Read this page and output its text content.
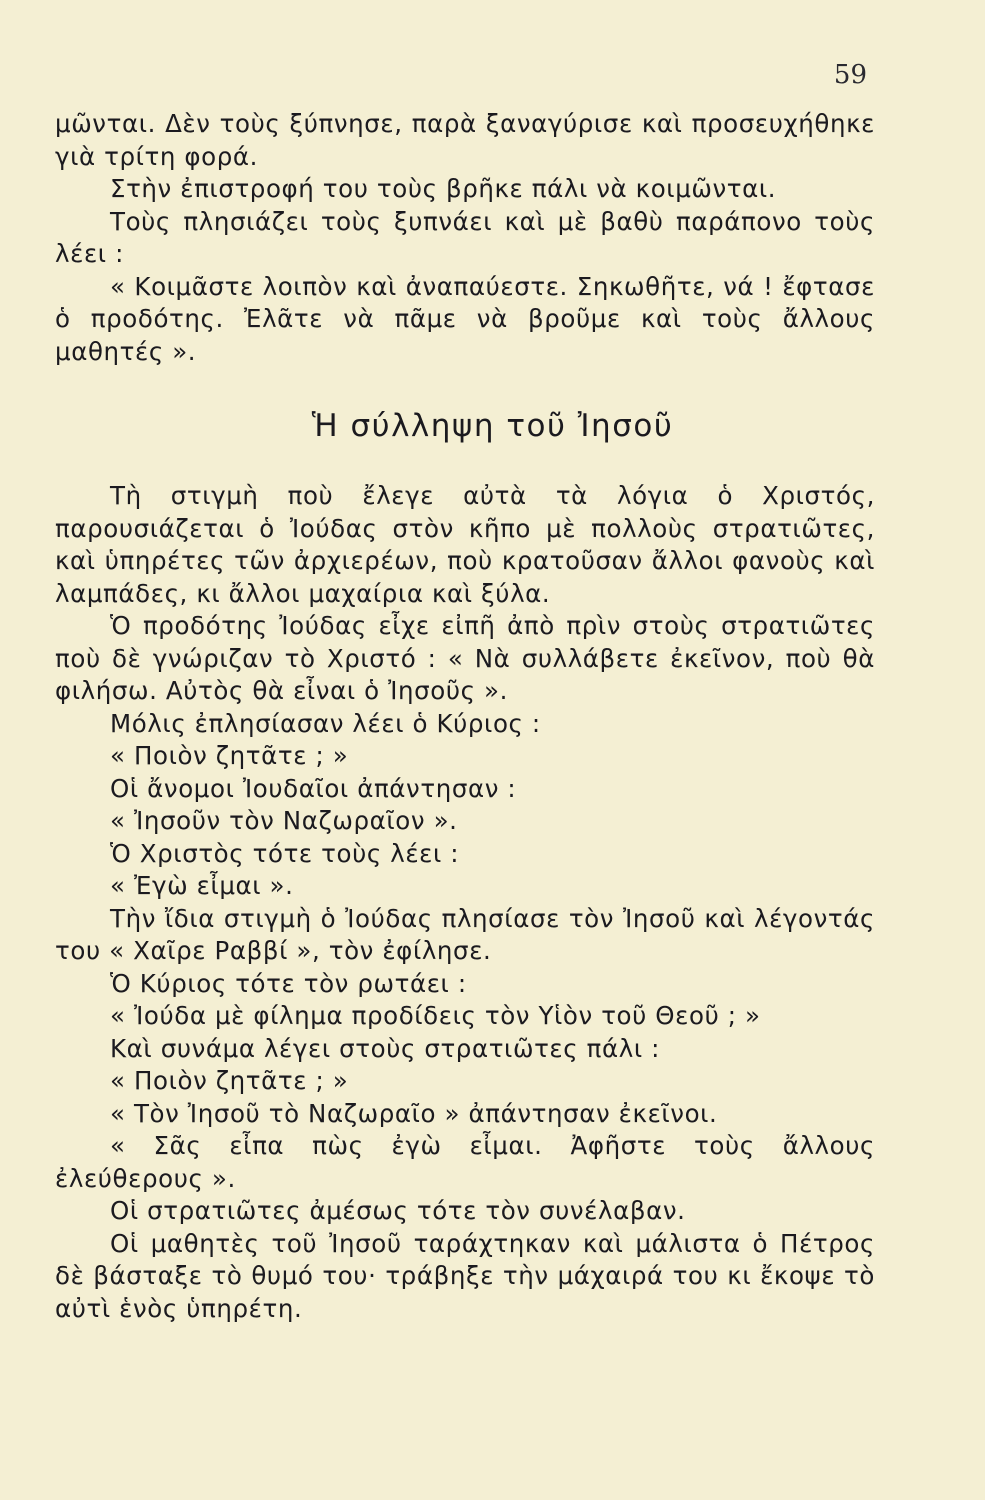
59

μῶνται. Δὲν τοὺς ξύπνησε, παρὰ ξαναγύρισε καὶ προσευχήθηκε γιὰ τρίτη φορά.

Στὴν ἐπιστροφή του τοὺς βρῆκε πάλι νὰ κοιμῶνται.

Τοὺς πλησιάζει τοὺς ξυπνάει καὶ μὲ βαθὺ παράπονο τοὺς λέει :

« Κοιμᾶστε λοιπὸν καὶ ἀναπαύεστε. Σηκωθῆτε, νά ! ἔφτασε ὁ προδότης. Ἐλᾶτε νὰ πᾶμε νὰ βροῦμε καὶ τοὺς ἄλλους μαθητές ».

Ἡ σύλληψη τοῦ Ἰησοῦ

Τὴ στιγμὴ ποὺ ἔλεγε αὐτὰ τὰ λόγια ὁ Χριστός, παρουσιάζεται ὁ Ἰούδας στὸν κῆπο μὲ πολλοὺς στρατιῶτες, καὶ ὑπηρέτες τῶν ἀρχιερέων, ποὺ κρατοῦσαν ἄλλοι φανοὺς καὶ λαμπάδες, κι ἄλλοι μαχαίρια καὶ ξύλα.

Ὁ προδότης Ἰούδας εἶχε εἰπῆ ἀπὸ πρὶν στοὺς στρατιῶτες ποὺ δὲ γνώριζαν τὸ Χριστό : « Νὰ συλλάβετε ἐκεῖνον, ποὺ θὰ φιλήσω. Αὐτὸς θὰ εἶναι ὁ Ἰησοῦς ».

Μόλις ἐπλησίασαν λέει ὁ Κύριος :

« Ποιὸν ζητᾶτε ; »

Οἱ ἄνομοι Ἰουδαῖοι ἀπάντησαν :

« Ἰησοῦν τὸν Ναζωραῖον ».

Ὁ Χριστὸς τότε τοὺς λέει :

« Ἐγὼ εἶμαι ».

Τὴν ἴδια στιγμὴ ὁ Ἰούδας πλησίασε τὸν Ἰησοῦ καὶ λέγοντάς του « Χαῖρε Ραββί », τὸν ἐφίλησε.

Ὁ Κύριος τότε τὸν ρωτάει :

« Ἰούδα μὲ φίλημα προδίδεις τὸν Υἱὸν τοῦ Θεοῦ ; »

Καὶ συνάμα λέγει στοὺς στρατιῶτες πάλι :

« Ποιὸν ζητᾶτε ; »

« Τὸν Ἰησοῦ τὸ Ναζωραῖο » ἀπάντησαν ἐκεῖνοι.

« Σᾶς εἶπα πὼς ἐγὼ εἶμαι. Ἀφῆστε τοὺς ἄλλους ἐλεύθερους ».

Οἱ στρατιῶτες ἀμέσως τότε τὸν συνέλαβαν.

Οἱ μαθητὲς τοῦ Ἰησοῦ ταράχτηκαν καὶ μάλιστα ὁ Πέτρος δὲ βάσταξε τὸ θυμό του· τράβηξε τὴν μάχαιρά του κι ἔκοψε τὸ αὐτὶ ἑνὸς ὑπηρέτη.
